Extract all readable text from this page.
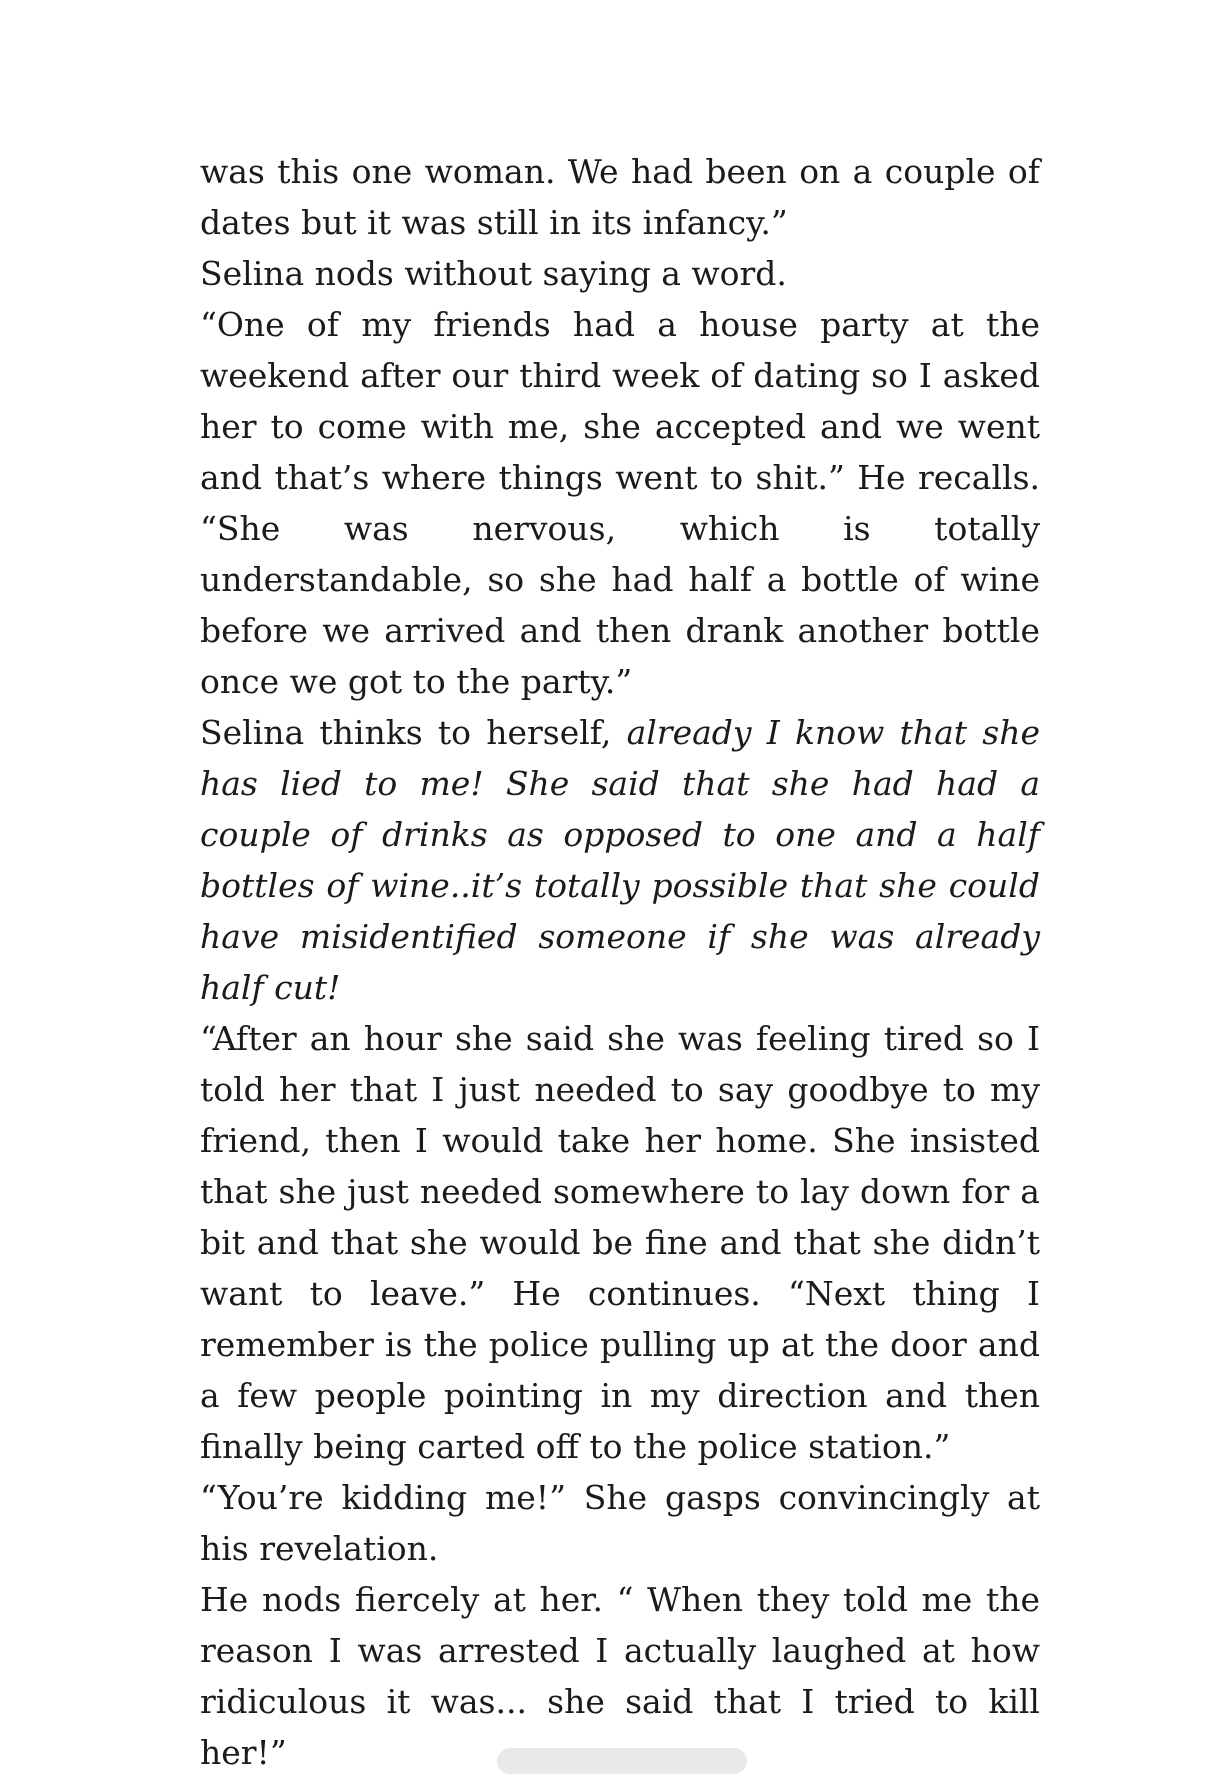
was this one woman. We had been on a couple of dates but it was still in its infancy.”

Selina nods without saying a word.

“One of my friends had a house party at the weekend after our third week of dating so I asked her to come with me, she accepted and we went and that’s where things went to shit.” He recalls. “She was nervous, which is totally understandable, so she had half a bottle of wine before we arrived and then drank another bottle once we got to the party.”

Selina thinks to herself, already I know that she has lied to me! She said that she had had a couple of drinks as opposed to one and a half bottles of wine..it’s totally possible that she could have misidentified someone if she was already half cut!

“After an hour she said she was feeling tired so I told her that I just needed to say goodbye to my friend, then I would take her home. She insisted that she just needed somewhere to lay down for a bit and that she would be fine and that she didn’t want to leave.” He continues. “Next thing I remember is the police pulling up at the door and a few people pointing in my direction and then finally being carted off to the police station.”

“You’re kidding me!” She gasps convincingly at his revelation.

He nods fiercely at her. “ When they told me the reason I was arrested I actually laughed at how ridiculous it was... she said that I tried to kill her!”
